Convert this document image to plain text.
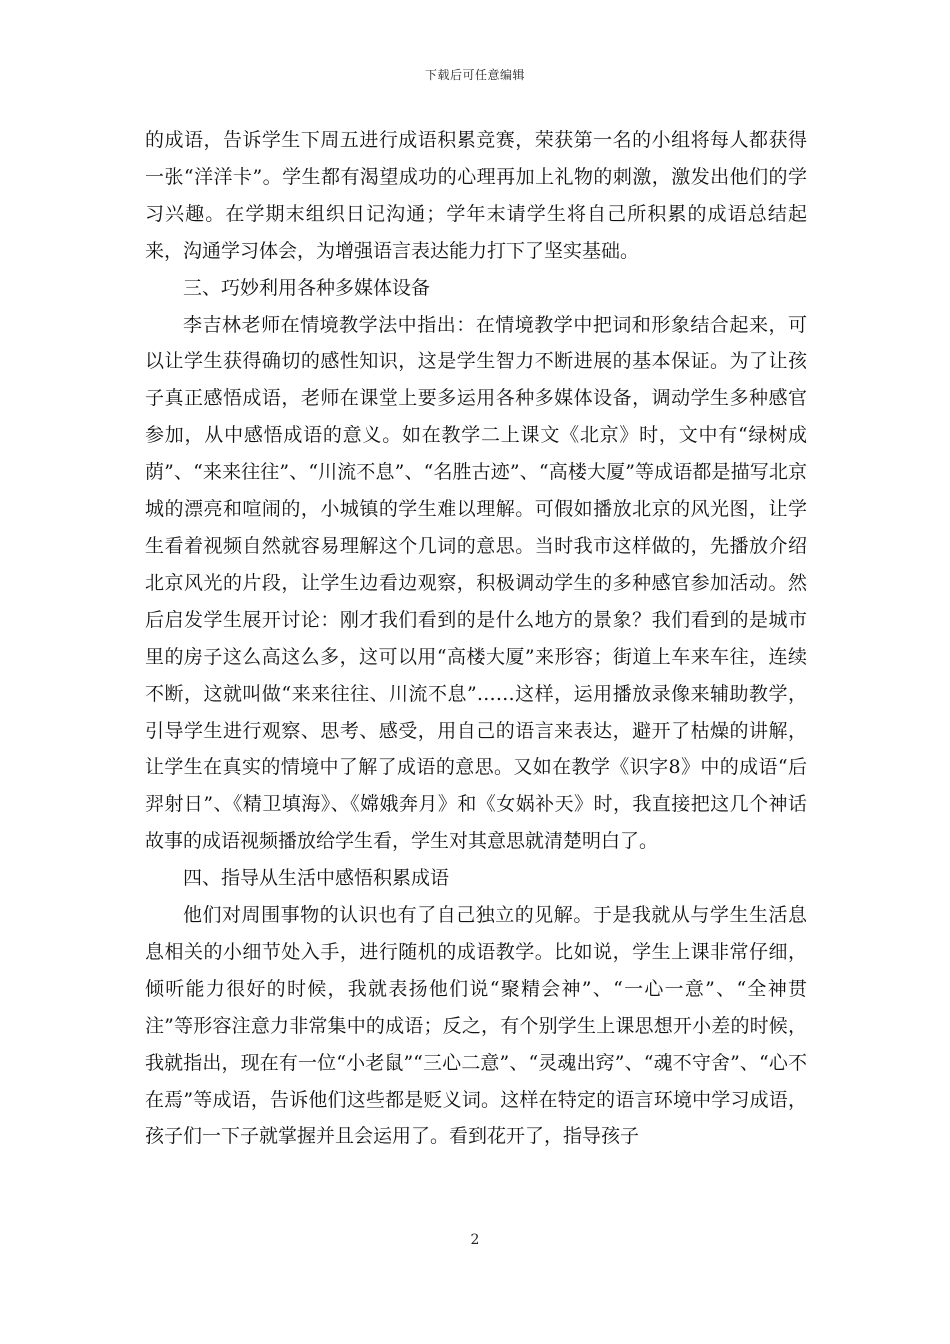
下载后可任意编辑

的成语，告诉学生下周五进行成语积累竞赛，荣获第一名的小组将每人都获得一张“洋洋卡”。学生都有渴望成功的心理再加上礼物的刺激，激发出他们的学习兴趣。在学期末组织日记沟通；学年末请学生将自己所积累的成语总结起来，沟通学习体会，为增强语言表达能力打下了坚实基础。

三、巧妙利用各种多媒体设备

李吉林老师在情境教学法中指出：在情境教学中把词和形象结合起来，可以让学生获得确切的感性知识，这是学生智力不断进展的基本保证。为了让孩子真正感悟成语，老师在课堂上要多运用各种多媒体设备，调动学生多种感官参加，从中感悟成语的意义。如在教学二上课文《北京》时，文中有“绿树成荫”、“来来往往”、“川流不息”、“名胜古迹”、“高楼大厦”等成语都是描写北京城的漂亮和喧闹的，小城镇的学生难以理解。可假如播放北京的风光图，让学生看着视频自然就容易理解这个几词的意思。当时我市这样做的，先播放介绍北京风光的片段，让学生边看边观察，积极调动学生的多种感官参加活动。然后启发学生展开讨论：刚才我们看到的是什么地方的景象？我们看到的是城市里的房子这么高这么多，这可以用“高楼大厦”来形容；街道上车来车往，连续不断，这就叫做“来来往往、川流不息”……这样，运用播放录像来辅助教学，引导学生进行观察、思考、感受，用自己的语言来表达，避开了枯燥的讲解，让学生在真实的情境中了解了成语的意思。又如在教学《识字8》中的成语“后羿射日”、《精卫填海》、《嫦娥奔月》和《女娲补天》时，我直接把这几个神话故事的成语视频播放给学生看，学生对其意思就清楚明白了。

四、指导从生活中感悟积累成语

他们对周围事物的认识也有了自己独立的见解。于是我就从与学生生活息息相关的小细节处入手，进行随机的成语教学。比如说，学生上课非常仔细，倾听能力很好的时候，我就表扬他们说“聚精会神”、“一心一意”、“全神贯注”等形容注意力非常集中的成语；反之，有个别学生上课思想开小差的时候，我就指出，现在有一位“小老鼠”“三心二意”、“灵魂出窍”、“魂不守舍”、“心不在焉”等成语，告诉他们这些都是贬义词。这样在特定的语言环境中学习成语，孩子们一下子就掌握并且会运用了。看到花开了，指导孩子

2
